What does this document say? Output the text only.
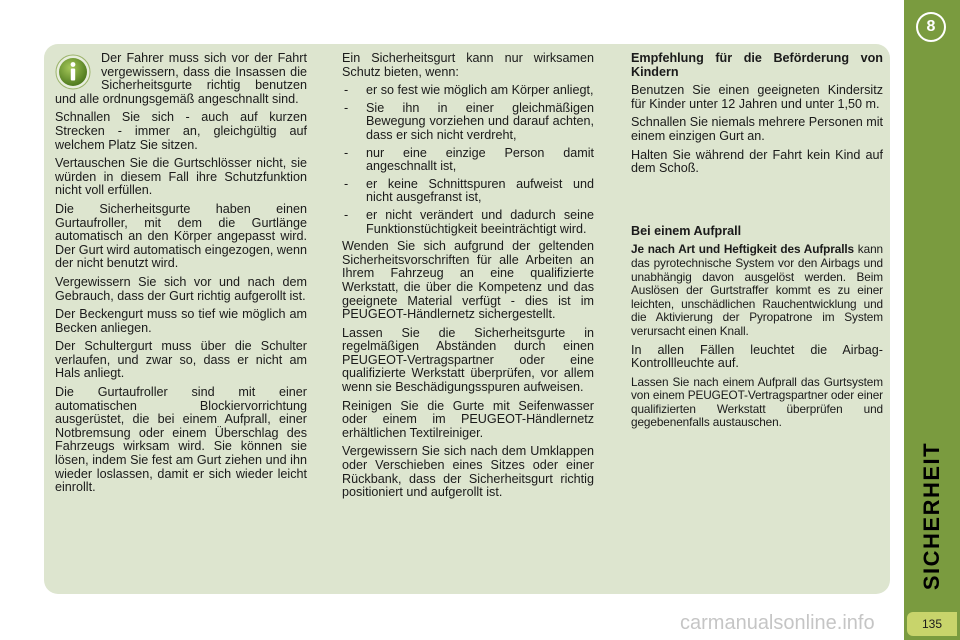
Der Fahrer muss sich vor der Fahrt vergewissern, dass die Insassen die Sicherheitsgurte richtig benutzen und alle ordnungsgemäß angeschnallt sind.

Schnallen Sie sich - auch auf kurzen Strecken - immer an, gleichgültig auf welchem Platz Sie sitzen.

Vertauschen Sie die Gurtschlösser nicht, sie würden in diesem Fall ihre Schutzfunktion nicht voll erfüllen.

Die Sicherheitsgurte haben einen Gurtaufroller, mit dem die Gurtlänge automatisch an den Körper angepasst wird. Der Gurt wird automatisch eingezogen, wenn der nicht benutzt wird.

Vergewissern Sie sich vor und nach dem Gebrauch, dass der Gurt richtig aufgerollt ist.

Der Beckengurt muss so tief wie möglich am Becken anliegen.

Der Schultergurt muss über die Schulter verlaufen, und zwar so, dass er nicht am Hals anliegt.

Die Gurtaufroller sind mit einer automatischen Blockiervorrichtung ausgerüstet, die bei einem Aufprall, einer Notbremsung oder einem Überschlag des Fahrzeugs wirksam wird. Sie können sie lösen, indem Sie fest am Gurt ziehen und ihn wieder loslassen, damit er sich wieder leicht einrollt.

Ein Sicherheitsgurt kann nur wirksamen Schutz bieten, wenn:

- er so fest wie möglich am Körper anliegt,
- Sie ihn in einer gleichmäßigen Bewegung vorziehen und darauf achten, dass er sich nicht verdreht,
- nur eine einzige Person damit angeschnallt ist,
- er keine Schnittspuren aufweist und nicht ausgefranst ist,
- er nicht verändert und dadurch seine Funktionstüchtigkeit beeinträchtigt wird.

Wenden Sie sich aufgrund der geltenden Sicherheitsvorschriften für alle Arbeiten an Ihrem Fahrzeug an eine qualifizierte Werkstatt, die über die Kompetenz und das geeignete Material verfügt - dies ist im PEUGEOT-Händlernetz sichergestellt.

Lassen Sie die Sicherheitsgurte in regelmäßigen Abständen durch einen PEUGEOT-Vertragspartner oder eine qualifizierte Werkstatt überprüfen, vor allem wenn sie Beschädigungsspuren aufweisen.

Reinigen Sie die Gurte mit Seifenwasser oder einem im PEUGEOT-Händlernetz erhältlichen Textilreiniger.

Vergewissern Sie sich nach dem Umklappen oder Verschieben eines Sitzes oder einer Rückbank, dass der Sicherheitsgurt richtig positioniert und aufgerollt ist.

Empfehlung für die Beförderung von Kindern

Benutzen Sie einen geeigneten Kindersitz für Kinder unter 12 Jahren und unter 1,50 m.

Schnallen Sie niemals mehrere Personen mit einem einzigen Gurt an.

Halten Sie während der Fahrt kein Kind auf dem Schoß.

Bei einem Aufprall

Je nach Art und Heftigkeit des Aufpralls kann das pyrotechnische System vor den Airbags und unabhängig davon ausgelöst werden. Beim Auslösen der Gurtstraffer kommt es zu einer leichten, unschädlichen Rauchentwicklung und die Aktivierung der Pyropatrone im System verursacht einen Knall.

In allen Fällen leuchtet die Airbag-Kontrollleuchte auf.

Lassen Sie nach einem Aufprall das Gurtsystem von einem PEUGEOT-Vertragspartner oder einer qualifizierten Werkstatt überprüfen und gegebenenfalls austauschen.

8
SICHERHEIT
135
carmanualsonline.info
